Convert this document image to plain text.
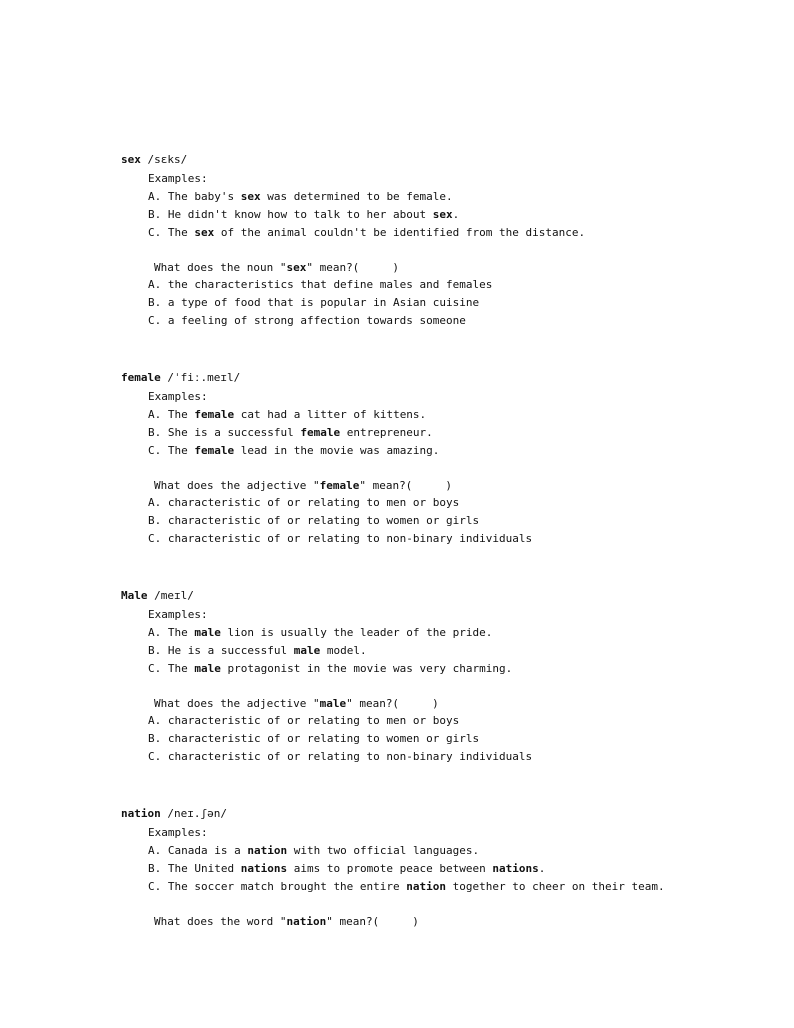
sex /sɛks/
Examples:
A. The baby's sex was determined to be female.
B. He didn't know how to talk to her about sex.
C. The sex of the animal couldn't be identified from the distance.
What does the noun "sex" mean?(     )
A. the characteristics that define males and females
B. a type of food that is popular in Asian cuisine
C. a feeling of strong affection towards someone
female /ˈfiː.meɪl/
Examples:
A. The female cat had a litter of kittens.
B. She is a successful female entrepreneur.
C. The female lead in the movie was amazing.
What does the adjective "female" mean?(     )
A. characteristic of or relating to men or boys
B. characteristic of or relating to women or girls
C. characteristic of or relating to non-binary individuals
Male /meɪl/
Examples:
A. The male lion is usually the leader of the pride.
B. He is a successful male model.
C. The male protagonist in the movie was very charming.
What does the adjective "male" mean?(     )
A. characteristic of or relating to men or boys
B. characteristic of or relating to women or girls
C. characteristic of or relating to non-binary individuals
nation /neɪ.ʃən/
Examples:
A. Canada is a nation with two official languages.
B. The United nations aims to promote peace between nations.
C. The soccer match brought the entire nation together to cheer on their team.
What does the word "nation" mean?(     )
